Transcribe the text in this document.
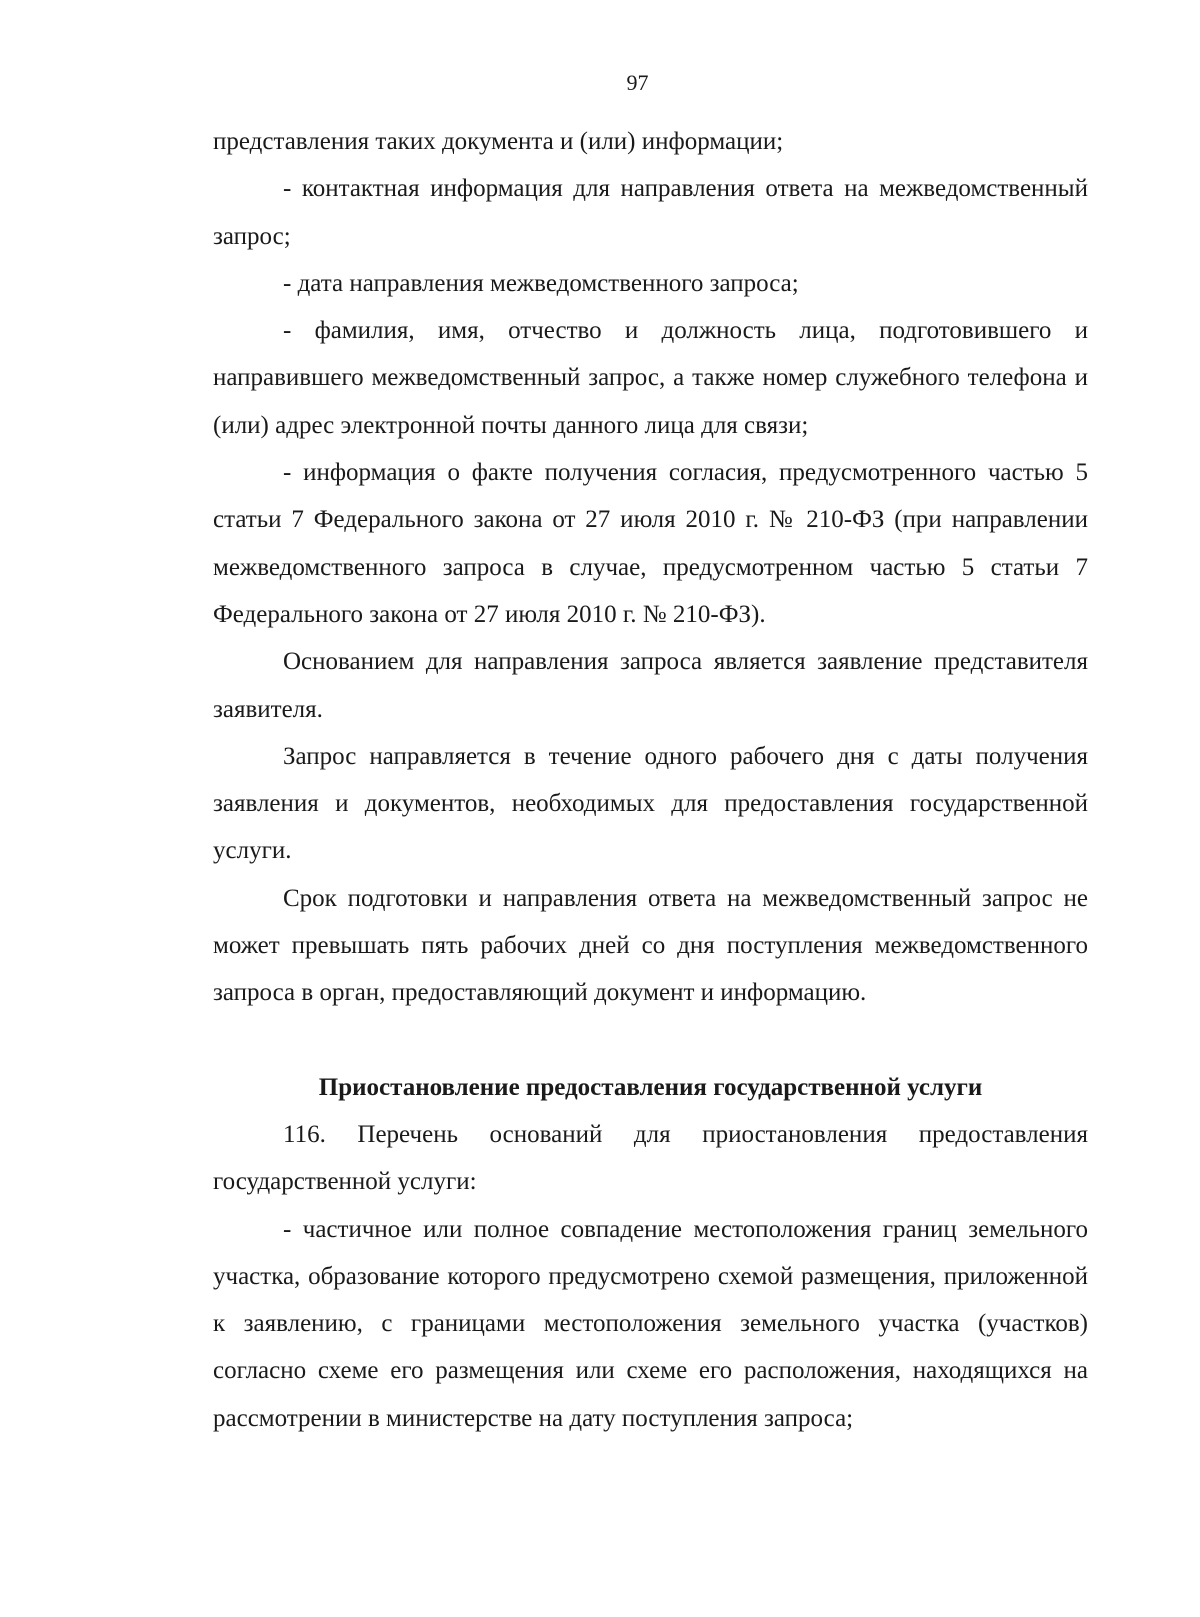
97

представления таких документа и (или) информации;

- контактная информация для направления ответа на межведомственный запрос;

- дата направления межведомственного запроса;

- фамилия, имя, отчество и должность лица, подготовившего и направившего межведомственный запрос, а также номер служебного телефона и (или) адрес электронной почты данного лица для связи;

- информация о факте получения согласия, предусмотренного частью 5 статьи 7 Федерального закона от 27 июля 2010 г. № 210-ФЗ (при направлении межведомственного запроса в случае, предусмотренном частью 5 статьи 7 Федерального закона от 27 июля 2010 г. № 210-ФЗ).

Основанием для направления запроса является заявление представителя заявителя.

Запрос направляется в течение одного рабочего дня с даты получения заявления и документов, необходимых для предоставления государственной услуги.

Срок подготовки и направления ответа на межведомственный запрос не может превышать пять рабочих дней со дня поступления межведомственного запроса в орган, предоставляющий документ и информацию.

Приостановление предоставления государственной услуги

116. Перечень оснований для приостановления предоставления государственной услуги:

- частичное или полное совпадение местоположения границ земельного участка, образование которого предусмотрено схемой размещения, приложенной к заявлению, с границами местоположения земельного участка (участков) согласно схеме его размещения или схеме его расположения, находящихся на рассмотрении в министерстве на дату поступления запроса;
